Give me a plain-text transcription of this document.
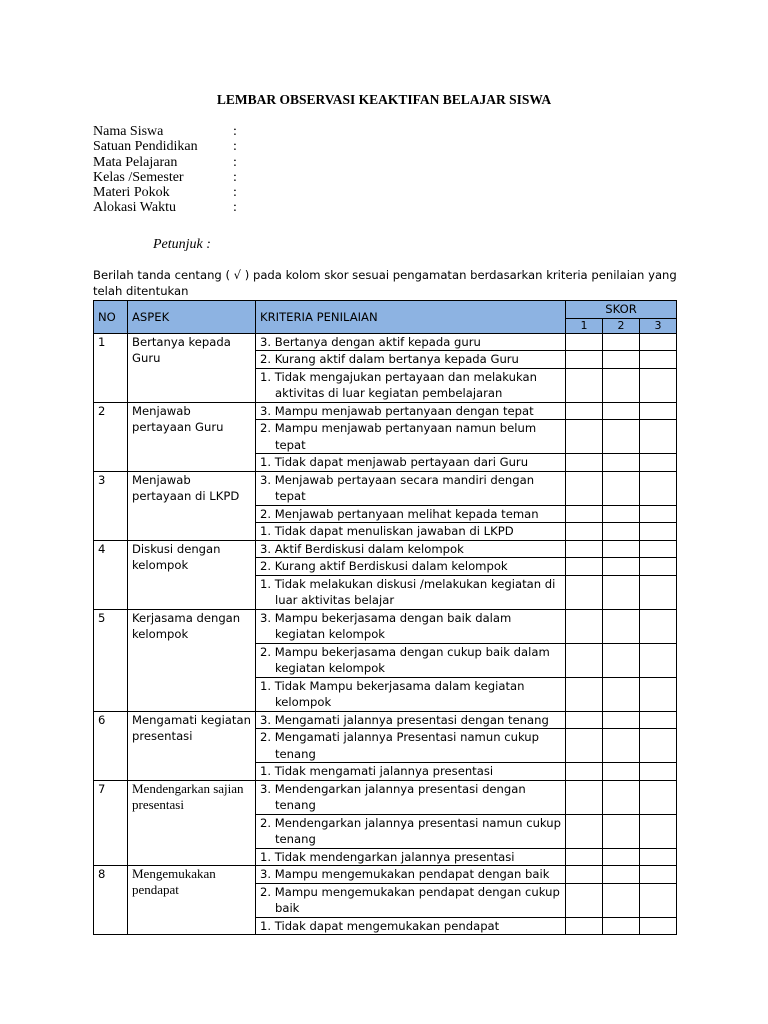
LEMBAR OBSERVASI KEAKTIFAN BELAJAR SISWA
Nama Siswa	:
Satuan Pendidikan	:
Mata Pelajaran	:
Kelas /Semester	:
Materi Pokok	:
Alokasi Waktu	:
Petunjuk :
Berilah tanda centang ( √ ) pada kolom skor sesuai pengamatan berdasarkan kriteria penilaian yang telah ditentukan
NO	ASPEK	KRITERIA PENILAIAN	SKOR		
			1	2	3
1	Bertanya kepada Guru	3. Bertanya dengan aktif kepada guru			

		2. Kurang aktif dalam bertanya kepada Guru			

		1. Tidak mengajukan pertayaan dan melakukan aktivitas di luar kegiatan pembelajaran			

2	Menjawab pertayaan Guru	3. Mampu menjawab pertanyaan dengan tepat			

		2. Mampu menjawab pertanyaan namun belum tepat			

		1. Tidak dapat menjawab pertayaan dari Guru			

3	Menjawab pertayaan di LKPD	3. Menjawab pertayaan secara mandiri dengan tepat			

		2. Menjawab pertanyaan melihat kepada teman			

		1. Tidak dapat menuliskan jawaban di LKPD			

4	Diskusi dengan kelompok	3. Aktif Berdiskusi dalam kelompok			

		2. Kurang aktif Berdiskusi dalam kelompok			

		1. Tidak melakukan diskusi /melakukan kegiatan di luar aktivitas belajar			

5	Kerjasama dengan kelompok	3. Mampu bekerjasama dengan baik dalam kegiatan kelompok			

		2. Mampu bekerjasama dengan cukup baik dalam kegiatan kelompok			

		1. Tidak Mampu bekerjasama dalam kegiatan kelompok			

6	Mengamati kegiatan presentasi	3. Mengamati jalannya presentasi dengan tenang			

		2. Mengamati jalannya Presentasi namun cukup tenang			

		1. Tidak mengamati jalannya presentasi			

7	Mendengarkan sajian presentasi	3. Mendengarkan jalannya presentasi dengan tenang			

		2. Mendengarkan jalannya presentasi namun cukup tenang			

		1. Tidak mendengarkan jalannya presentasi			

8	Mengemukakan pendapat	3. Mampu mengemukakan pendapat dengan baik			

		2. Mampu mengemukakan pendapat dengan cukup baik			

		1. Tidak dapat mengemukakan pendapat			
